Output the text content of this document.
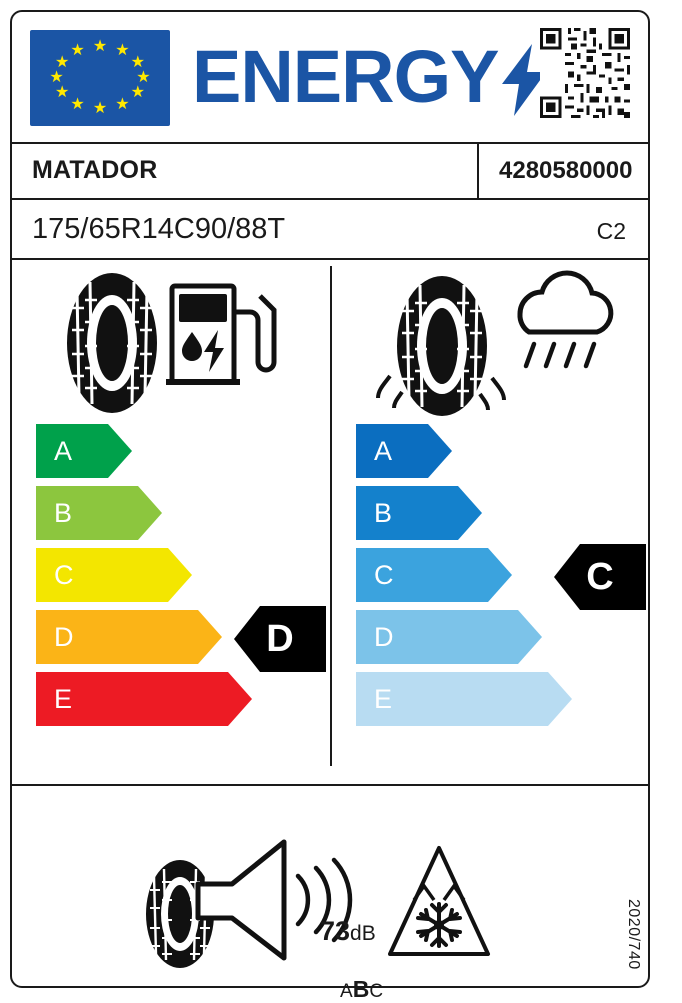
★ ★
★
★
★
★
★
★
★
★
★
★ ENERGY
MATADOR	4280580000
175/65R14C90/88T	C2
A
B
C
D	D
E
A
B
C	C
D
E
73dB
ABC
2020/740
